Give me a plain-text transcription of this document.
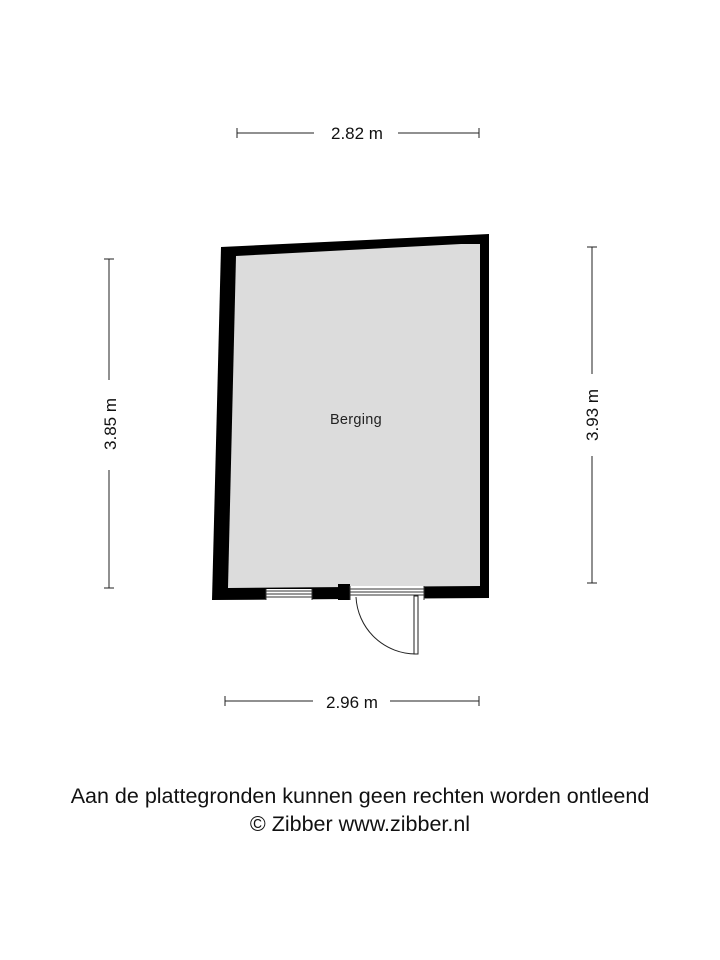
2.82 m
3.85 m	3.93 m
2.96 m
Berging
Aan de plattegronden kunnen geen rechten worden ontleend
© Zibber www.zibber.nl
